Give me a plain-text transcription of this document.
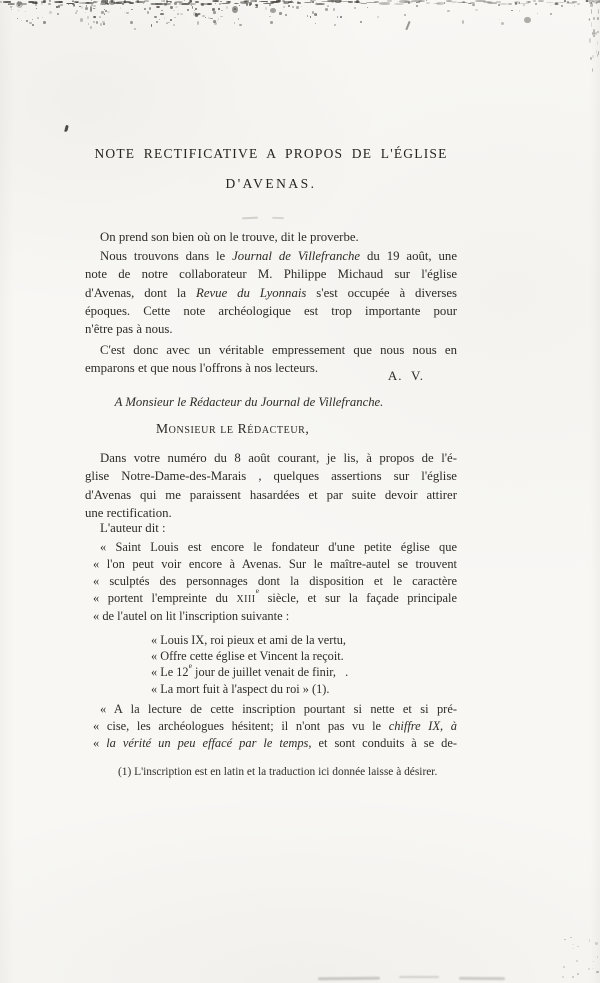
NOTE RECTIFICATIVE A PROPOS DE L'ÉGLISE
D'AVENAS.
On prend son bien où on le trouve, dit le proverbe.
Nous trouvons dans le Journal de Villefranche du 19 août, une
note de notre collaborateur M. Philippe Michaud sur l'église
d'Avenas, dont la Revue du Lyonnais s'est occupée à diverses
époques. Cette note archéologique est trop importante pour
n'être pas à nous.
C'est donc avec un véritable empressement que nous nous en
emparons et que nous l'offrons à nos lecteurs.	A.  V.
A Monsieur le Rédacteur du Journal de Villefranche.
Monsieur le Rédacteur,
Dans votre numéro du 8 août courant, je lis, à propos de l'é-
glise Notre-Dame-des-Marais , quelques assertions sur l'église
d'Avenas qui me paraissent hasardées et par suite devoir attirer
une rectification.
L'auteur dit :
« Saint Louis est encore le fondateur d'une petite église que
« l'on peut voir encore à Avenas. Sur le maître-autel se trouvent
« sculptés des personnages dont la disposition et le caractère
« portent l'empreinte du XIIIe siècle, et sur la façade principale
« de l'autel on lit l'inscription suivante :
« Louis IX, roi pieux et ami de la vertu,
« Offre cette église et Vincent la reçoit.
« Le 12e jour de juillet venait de finir,   .
« La mort fuit à l'aspect du roi » (1).
« A la lecture de cette inscription pourtant si nette et si pré-
« cise, les archéologues hésitent; il n'ont pas vu le chiffre IX, à
« la vérité un peu effacé par le temps, et sont conduits à se de-
(1) L'inscription est en latin et la traduction ici donnée laisse à désirer.
